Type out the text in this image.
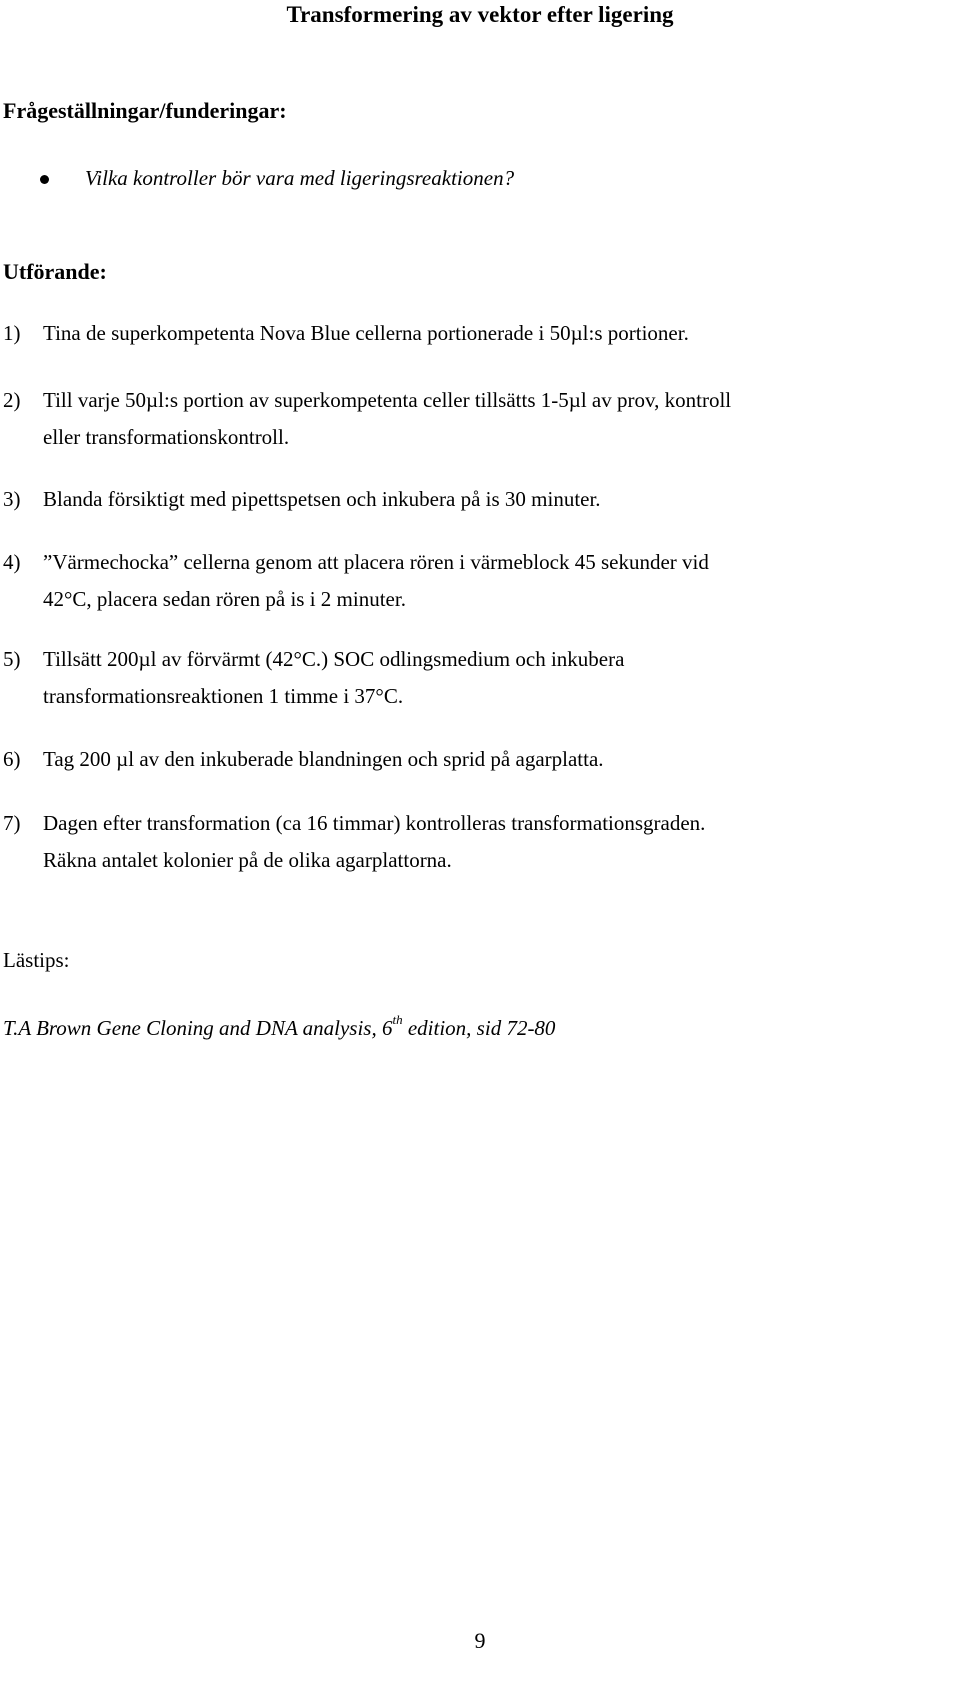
Transformering av vektor efter ligering
Frågeställningar/funderingar:
Vilka kontroller bör vara med ligeringsreaktionen?
Utförande:
1) Tina de superkompetenta Nova Blue cellerna portionerade i 50µl:s portioner.
2) Till varje 50µl:s portion av superkompetenta celler tillsätts 1-5µl av prov, kontroll
eller transformationskontroll.
3) Blanda försiktigt med pipettspetsen och inkubera på is 30 minuter.
4) ”Värmechocka” cellerna genom att placera rören i värmeblock 45 sekunder vid
42°C, placera sedan rören på is i 2 minuter.
5) Tillsätt 200µl av förvärmt (42°C.) SOC odlingsmedium och inkubera
transformationsreaktionen 1 timme i 37°C.
6) Tag 200 µl av den inkuberade blandningen och sprid på agarplatta.
7) Dagen efter transformation (ca 16 timmar) kontrolleras transformationsgraden.
Räkna antalet kolonier på de olika agarplattorna.
Lästips:
T.A Brown Gene Cloning and DNA analysis, 6th edition, sid 72-80
9
